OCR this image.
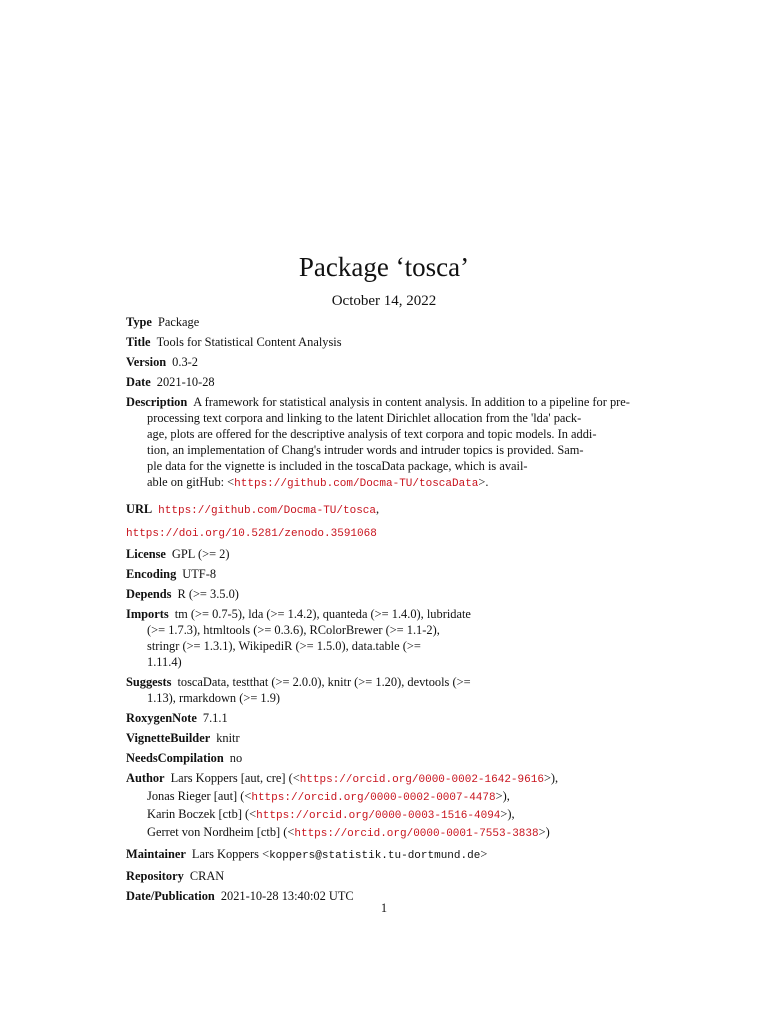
Package ‘tosca’
October 14, 2022
Type Package
Title Tools for Statistical Content Analysis
Version 0.3-2
Date 2021-10-28
Description A framework for statistical analysis in content analysis. In addition to a pipeline for pre-
processing text corpora and linking to the latent Dirichlet allocation from the 'lda' pack-
age, plots are offered for the descriptive analysis of text corpora and topic models. In addi-
tion, an implementation of Chang's intruder words and intruder topics is provided. Sam-
ple data for the vignette is included in the toscaData package, which is avail-
able on gitHub: <https://github.com/Docma-TU/toscaData>.
URL https://github.com/Docma-TU/tosca,
https://doi.org/10.5281/zenodo.3591068
License GPL (>= 2)
Encoding UTF-8
Depends R (>= 3.5.0)
Imports tm (>= 0.7-5), lda (>= 1.4.2), quanteda (>= 1.4.0), lubridate
(>= 1.7.3), htmltools (>= 0.3.6), RColorBrewer (>= 1.1-2),
stringr (>= 1.3.1), WikipediR (>= 1.5.0), data.table (>=
1.11.4)
Suggests toscaData, testthat (>= 2.0.0), knitr (>= 1.20), devtools (>=
1.13), rmarkdown (>= 1.9)
RoxygenNote 7.1.1
VignetteBuilder knitr
NeedsCompilation no
Author Lars Koppers [aut, cre] (<https://orcid.org/0000-0002-1642-9616>),
Jonas Rieger [aut] (<https://orcid.org/0000-0002-0007-4478>),
Karin Boczek [ctb] (<https://orcid.org/0000-0003-1516-4094>),
Gerret von Nordheim [ctb] (<https://orcid.org/0000-0001-7553-3838>)
Maintainer Lars Koppers <koppers@statistik.tu-dortmund.de>
Repository CRAN
Date/Publication 2021-10-28 13:40:02 UTC
1
